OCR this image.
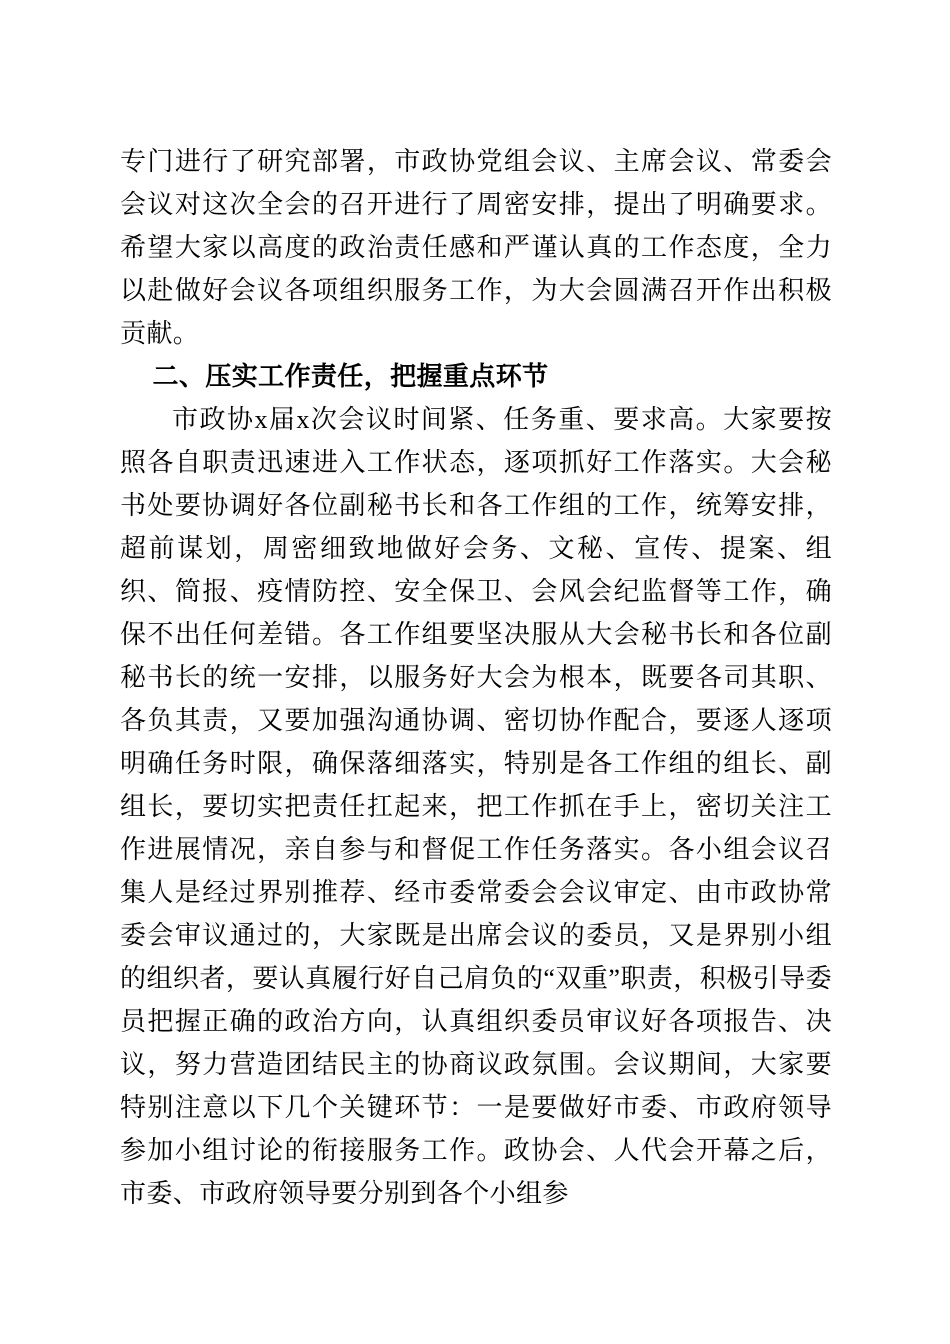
专门进行了研究部署，市政协党组会议、主席会议、常委会会议对这次全会的召开进行了周密安排，提出了明确要求。希望大家以高度的政治责任感和严谨认真的工作态度，全力以赴做好会议各项组织服务工作，为大会圆满召开作出积极贡献。

二、压实工作责任，把握重点环节

市政协x届x次会议时间紧、任务重、要求高。大家要按照各自职责迅速进入工作状态，逐项抓好工作落实。大会秘书处要协调好各位副秘书长和各工作组的工作，统筹安排，超前谋划，周密细致地做好会务、文秘、宣传、提案、组织、简报、疫情防控、安全保卫、会风会纪监督等工作，确保不出任何差错。各工作组要坚决服从大会秘书长和各位副秘书长的统一安排，以服务好大会为根本，既要各司其职、各负其责，又要加强沟通协调、密切协作配合，要逐人逐项明确任务时限，确保落细落实，特别是各工作组的组长、副组长，要切实把责任扛起来，把工作抓在手上，密切关注工作进展情况，亲自参与和督促工作任务落实。各小组会议召集人是经过界别推荐、经市委常委会会议审定、由市政协常委会审议通过的，大家既是出席会议的委员，又是界别小组的组织者，要认真履行好自己肩负的“双重”职责，积极引导委员把握正确的政治方向，认真组织委员审议好各项报告、决议，努力营造团结民主的协商议政氛围。会议期间，大家要特别注意以下几个关键环节：一是要做好市委、市政府领导参加小组讨论的衔接服务工作。政协会、人代会开幕之后，市委、市政府领导要分别到各个小组参
